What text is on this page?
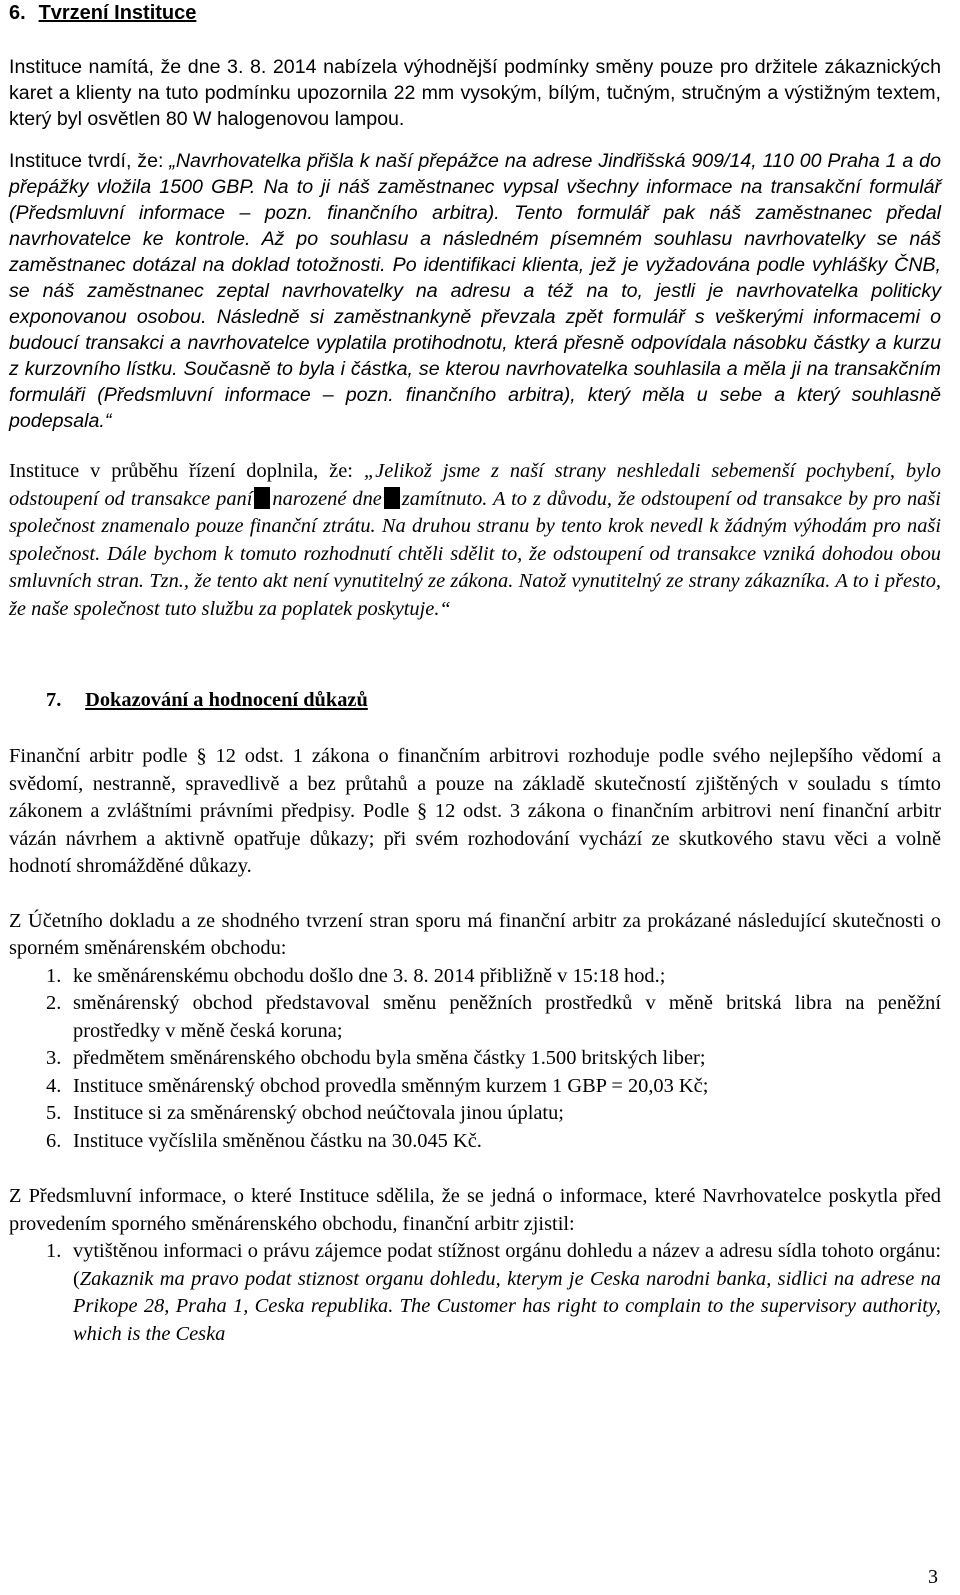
6. Tvrzení Instituce

Instituce namítá, že dne 3. 8. 2014 nabízela výhodnější podmínky směny pouze pro držitele zákaznických karet a klienty na tuto podmínku upozornila 22 mm vysokým, bílým, tučným, stručným a výstižným textem, který byl osvětlen 80 W halogenovou lampou.

Instituce tvrdí, že: „Navrhovatelka přišla k naší přepážce na adrese Jindřišská 909/14, 110 00 Praha 1 a do přepážky vložila 1500 GBP. Na to ji náš zaměstnanec vypsal všechny informace na transakční formulář (Předsmluvní informace – pozn. finančního arbitra). Tento formulář pak náš zaměstnanec předal navrhovatelce ke kontrole. Až po souhlasu a následném písemném souhlasu navrhovatelky se náš zaměstnanec dotázal na doklad totožnosti. Po identifikaci klienta, jež je vyžadována podle vyhlášky ČNB, se náš zaměstnanec zeptal navrhovatelky na adresu a též na to, jestli je navrhovatelka politicky exponovanou osobou. Následně si zaměstnankyně převzala zpět formulář s veškerými informacemi o budoucí transakci a navrhovatelce vyplatila protihodnotu, která přesně odpovídala násobku částky a kurzu z kurzovního lístku. Současně to byla i částka, se kterou navrhovatelka souhlasila a měla ji na transakčním formuláři (Předsmluvní informace – pozn. finančního arbitra), který měla u sebe a který souhlasně podepsala.“

Instituce v průběhu řízení doplnila, že: „Jelikož jsme z naší strany neshledali sebemenší pochybení, bylo odstoupení od transakce paní narozené dne zamítnuto. A to z důvodu, že odstoupení od transakce by pro naši společnost znamenalo pouze finanční ztrátu. Na druhou stranu by tento krok nevedl k žádným výhodám pro naši společnost. Dále bychom k tomuto rozhodnutí chtěli sdělit to, že odstoupení od transakce vzniká dohodou obou smluvních stran. Tzn., že tento akt není vynutitelný ze zákona. Natož vynutitelný ze strany zákazníka. A to i přesto, že naše společnost tuto službu za poplatek poskytuje.“

7. Dokazování a hodnocení důkazů

Finanční arbitr podle § 12 odst. 1 zákona o finančním arbitrovi rozhoduje podle svého nejlepšího vědomí a svědomí, nestranně, spravedlivě a bez průtahů a pouze na základě skutečností zjištěných v souladu s tímto zákonem a zvláštními právními předpisy. Podle § 12 odst. 3 zákona o finančním arbitrovi není finanční arbitr vázán návrhem a aktivně opatřuje důkazy; při svém rozhodování vychází ze skutkového stavu věci a volně hodnotí shromážděné důkazy.

Z Účetního dokladu a ze shodného tvrzení stran sporu má finanční arbitr za prokázané následující skutečnosti o sporném směnárenském obchodu:

1. ke směnárenskému obchodu došlo dne 3. 8. 2014 přibližně v 15:18 hod.;
2. směnárenský obchod představoval směnu peněžních prostředků v měně britská libra na peněžní prostředky v měně česká koruna;
3. předmětem směnárenského obchodu byla směna částky 1.500 britských liber;
4. Instituce směnárenský obchod provedla směnným kurzem 1 GBP = 20,03 Kč;
5. Instituce si za směnárenský obchod neúčtovala jinou úplatu;
6. Instituce vyčíslila směněnou částku na 30.045 Kč.

Z Předsmluvní informace, o které Instituce sdělila, že se jedná o informace, které Navrhovatelce poskytla před provedením sporného směnárenského obchodu, finanční arbitr zjistil:

1. vytištěnou informaci o právu zájemce podat stížnost orgánu dohledu a název a adresu sídla tohoto orgánu: (Zakaznik ma pravo podat stiznost organu dohledu, kterym je Ceska narodni banka, sidlici na adrese na Prikope 28, Praha 1, Ceska republika. The Customer has right to complain to the supervisory authority, which is the Ceska
3
